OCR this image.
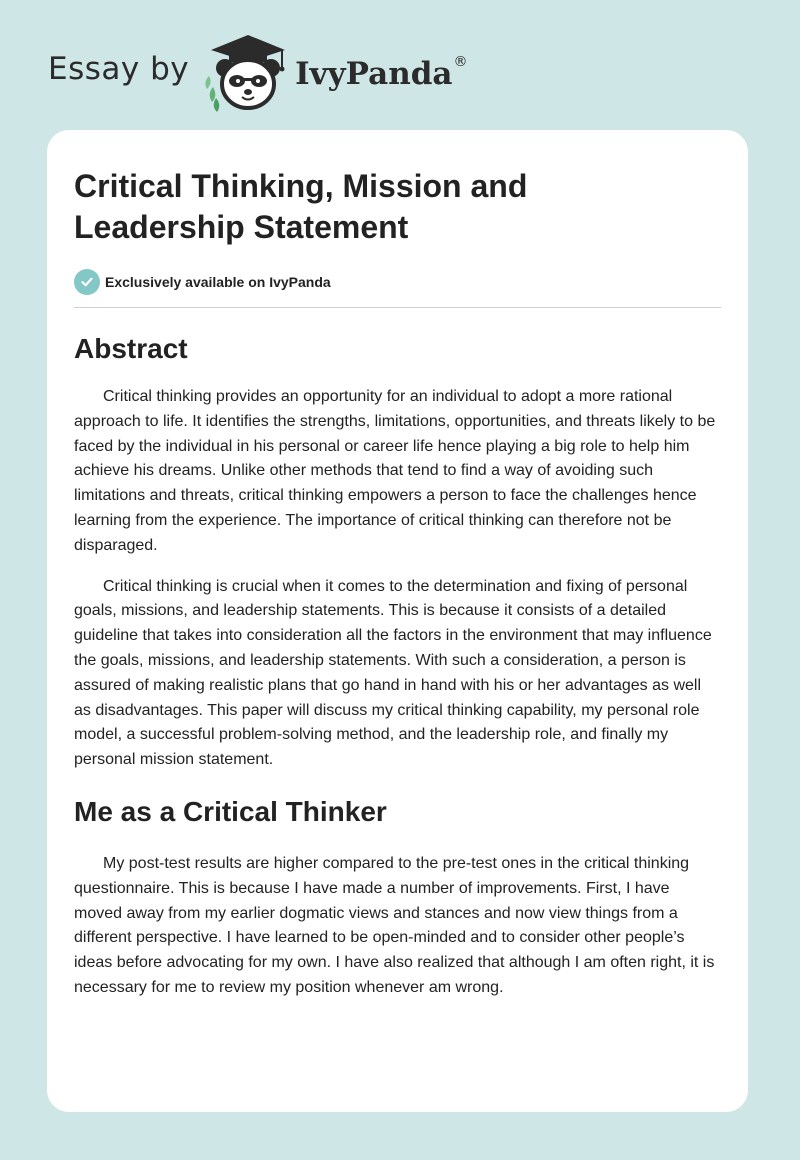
Essay by	IvyPanda®
Critical Thinking, Mission and Leadership Statement
Exclusively available on IvyPanda
Abstract

Critical thinking provides an opportunity for an individual to adopt a more rational approach to life. It identifies the strengths, limitations, opportunities, and threats likely to be faced by the individual in his personal or career life hence playing a big role to help him achieve his dreams. Unlike other methods that tend to find a way of avoiding such limitations and threats, critical thinking empowers a person to face the challenges hence learning from the experience. The importance of critical thinking can therefore not be disparaged.

Critical thinking is crucial when it comes to the determination and fixing of personal goals, missions, and leadership statements. This is because it consists of a detailed guideline that takes into consideration all the factors in the environment that may influence the goals, missions, and leadership statements. With such a consideration, a person is assured of making realistic plans that go hand in hand with his or her advantages as well as disadvantages. This paper will discuss my critical thinking capability, my personal role model, a successful problem-solving method, and the leadership role, and finally my personal mission statement.

Me as a Critical Thinker

My post-test results are higher compared to the pre-test ones in the critical thinking questionnaire. This is because I have made a number of improvements. First, I have moved away from my earlier dogmatic views and stances and now view things from a different perspective. I have learned to be open-minded and to consider other people’s ideas before advocating for my own. I have also realized that although I am often right, it is necessary for me to review my position whenever am wrong.
